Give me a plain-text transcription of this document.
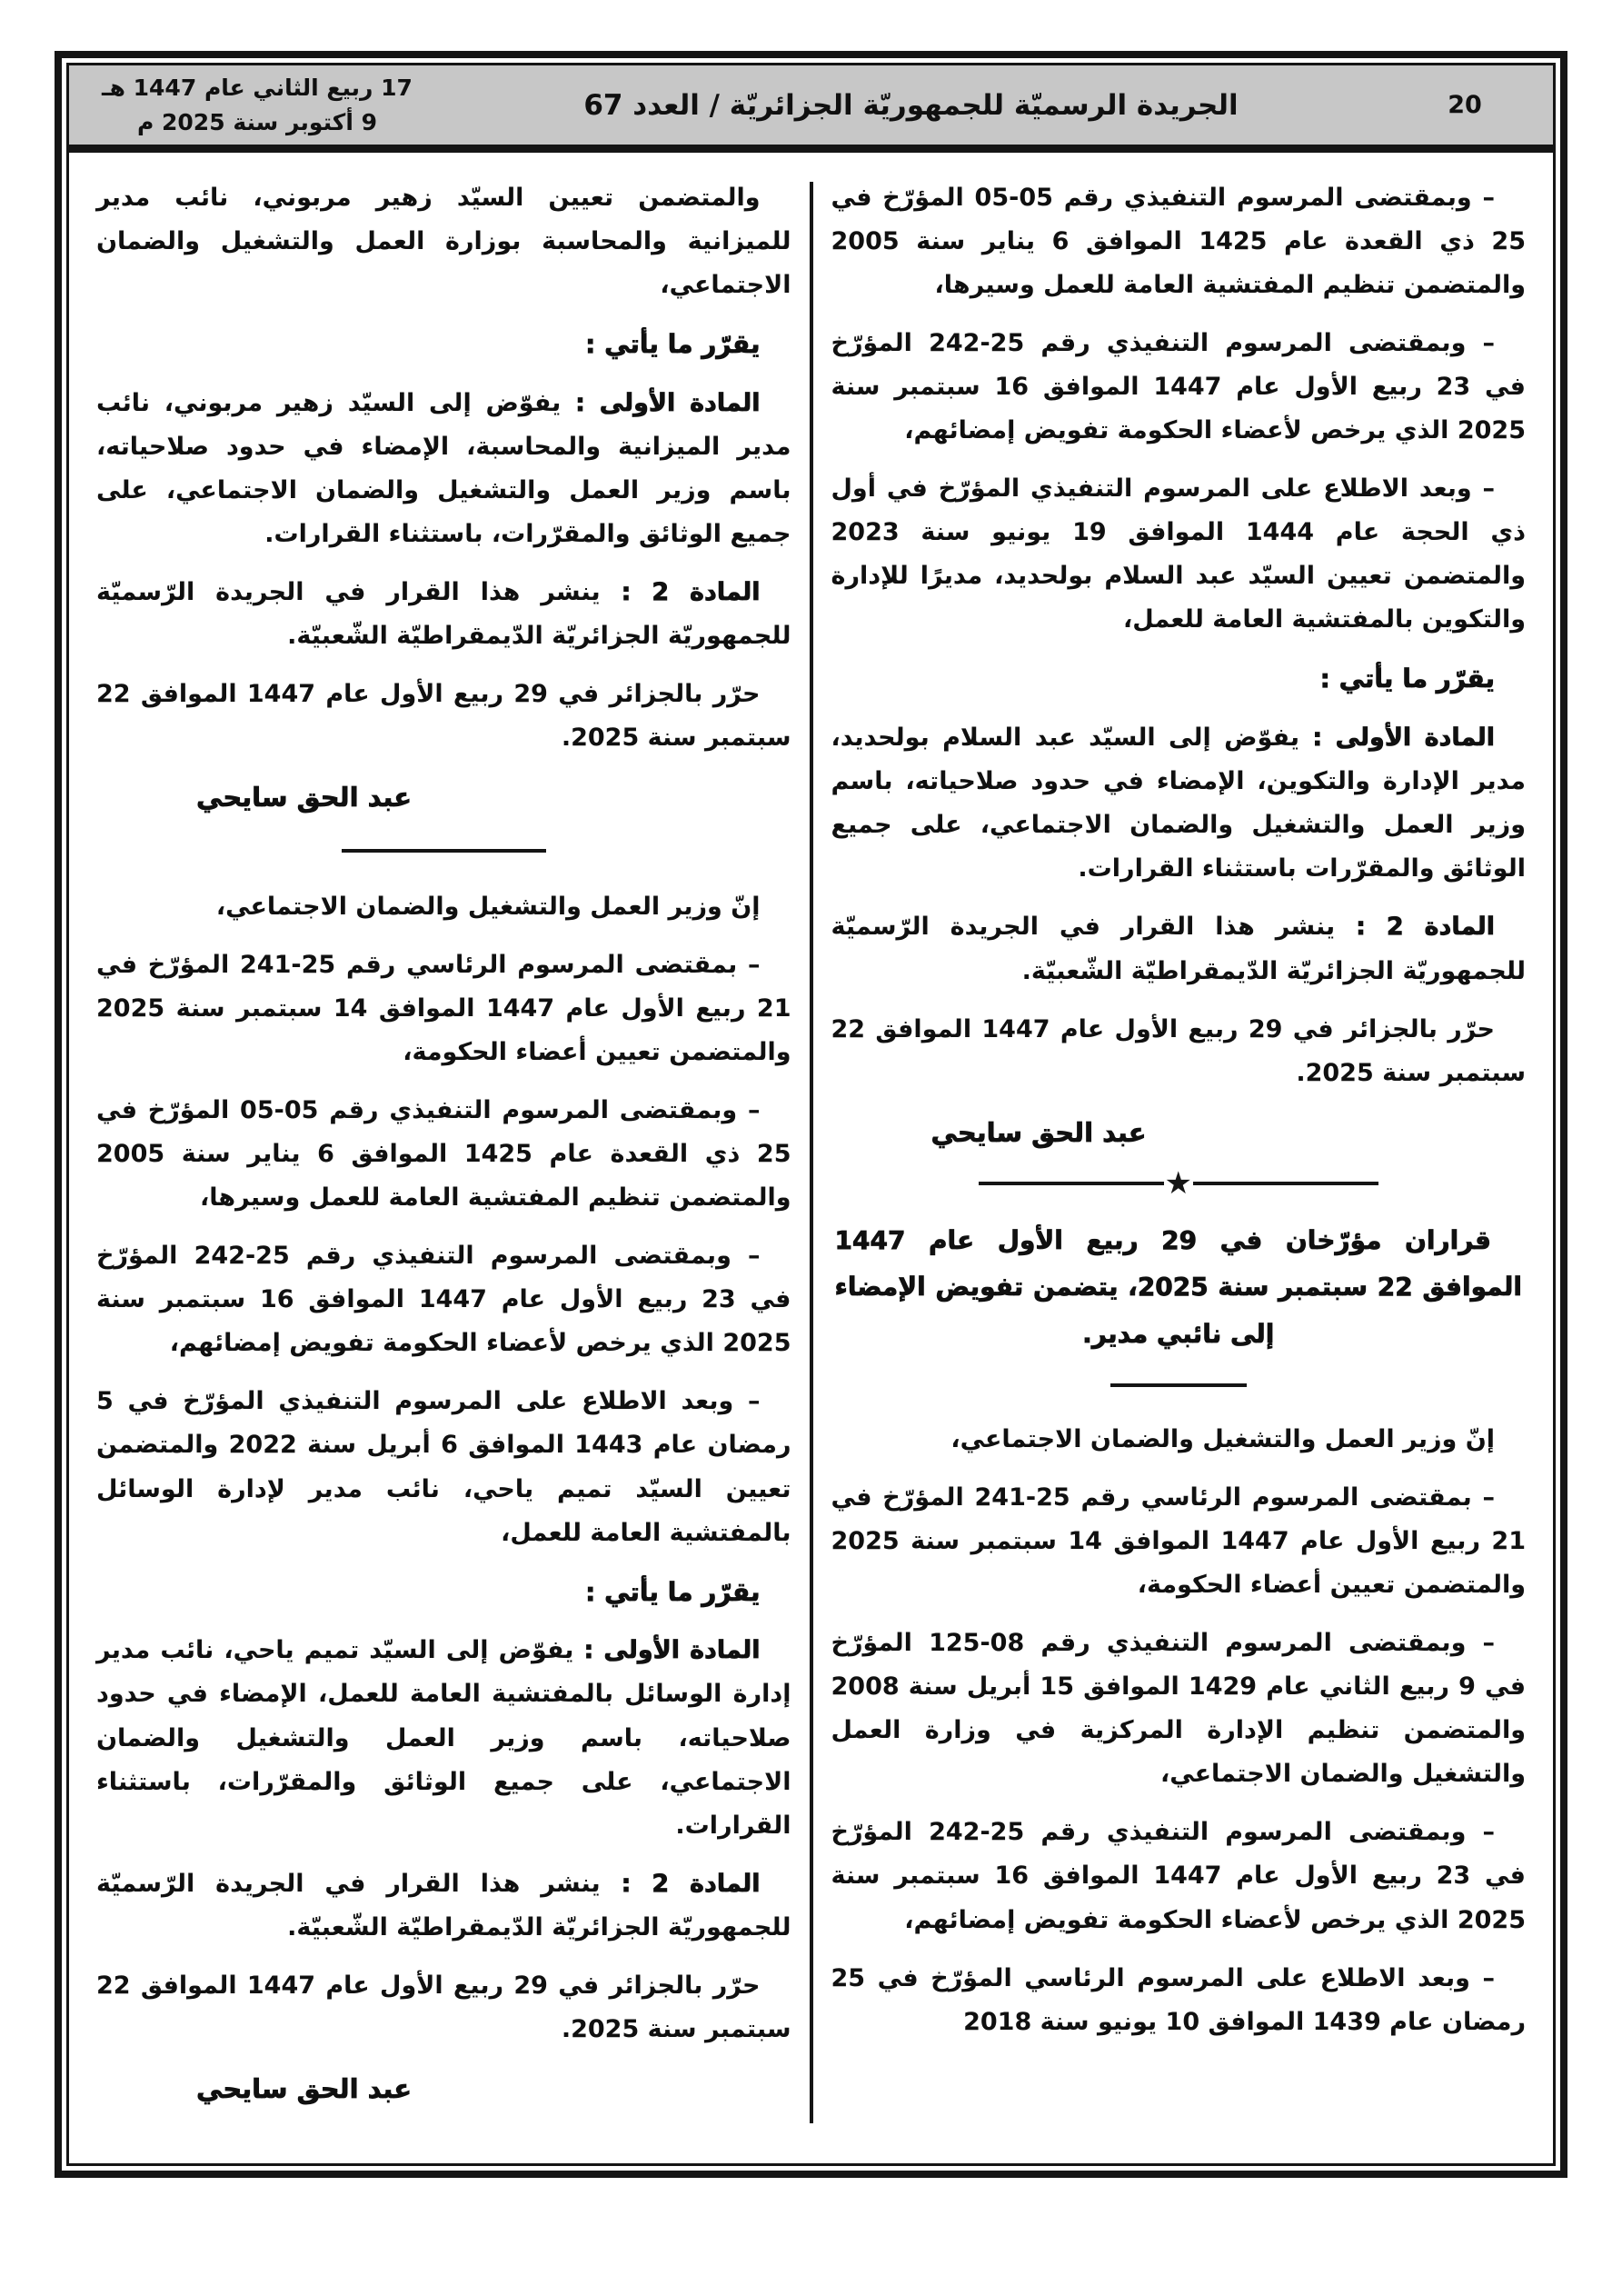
17 ربيع الثاني عام 1447 هـ
9 أكتوبر سنة 2025 م
الجريدة الرسميّة للجمهوريّة الجزائريّة / العدد 67	20

– وبمقتضى المرسوم التنفيذي رقم 05-05 المؤرّخ في 25 ذي القعدة عام 1425 الموافق 6 يناير سنة 2005 والمتضمن تنظيم المفتشية العامة للعمل وسيرها،

– وبمقتضى المرسوم التنفيذي رقم 25-242 المؤرّخ في 23 ربيع الأول عام 1447 الموافق 16 سبتمبر سنة 2025 الذي يرخص لأعضاء الحكومة تفويض إمضائهم،

– وبعد الاطلاع على المرسوم التنفيذي المؤرّخ في أول ذي الحجة عام 1444 الموافق 19 يونيو سنة 2023 والمتضمن تعيين السيّد عبد السلام بولحديد، مديرًا للإدارة والتكوين بالمفتشية العامة للعمل،

يقرّر ما يأتي :

المادة الأولى : يفوّض إلى السيّد عبد السلام بولحديد، مدير الإدارة والتكوين، الإمضاء في حدود صلاحياته، باسم وزير العمل والتشغيل والضمان الاجتماعي، على جميع الوثائق والمقرّرات باستثناء القرارات.

المادة 2 : ينشر هذا القرار في الجريدة الرّسميّة للجمهوريّة الجزائريّة الدّيمقراطيّة الشّعبيّة.

حرّر بالجزائر في 29 ربيع الأول عام 1447 الموافق 22 سبتمبر سنة 2025.

عبد الحق سايحي

★

قراران مؤرّخان في 29 ربيع الأول عام 1447 الموافق 22 سبتمبر سنة 2025، يتضمن تفويض الإمضاء إلى نائبي مدير.

إنّ وزير العمل والتشغيل والضمان الاجتماعي،

– بمقتضى المرسوم الرئاسي رقم 25-241 المؤرّخ في 21 ربيع الأول عام 1447 الموافق 14 سبتمبر سنة 2025 والمتضمن تعيين أعضاء الحكومة،

– وبمقتضى المرسوم التنفيذي رقم 08-125 المؤرّخ في 9 ربيع الثاني عام 1429 الموافق 15 أبريل سنة 2008 والمتضمن تنظيم الإدارة المركزية في وزارة العمل والتشغيل والضمان الاجتماعي،

– وبمقتضى المرسوم التنفيذي رقم 25-242 المؤرّخ في 23 ربيع الأول عام 1447 الموافق 16 سبتمبر سنة 2025 الذي يرخص لأعضاء الحكومة تفويض إمضائهم،

– وبعد الاطلاع على المرسوم الرئاسي المؤرّخ في 25 رمضان عام 1439 الموافق 10 يونيو سنة 2018

والمتضمن تعيين السيّد زهير مربوني، نائب مدير للميزانية والمحاسبة بوزارة العمل والتشغيل والضمان الاجتماعي،

يقرّر ما يأتي :

المادة الأولى : يفوّض إلى السيّد زهير مربوني، نائب مدير الميزانية والمحاسبة، الإمضاء في حدود صلاحياته، باسم وزير العمل والتشغيل والضمان الاجتماعي، على جميع الوثائق والمقرّرات، باستثناء القرارات.

المادة 2 : ينشر هذا القرار في الجريدة الرّسميّة للجمهوريّة الجزائريّة الدّيمقراطيّة الشّعبيّة.

حرّر بالجزائر في 29 ربيع الأول عام 1447 الموافق 22 سبتمبر سنة 2025.

عبد الحق سايحي

إنّ وزير العمل والتشغيل والضمان الاجتماعي،

– بمقتضى المرسوم الرئاسي رقم 25-241 المؤرّخ في 21 ربيع الأول عام 1447 الموافق 14 سبتمبر سنة 2025 والمتضمن تعيين أعضاء الحكومة،

– وبمقتضى المرسوم التنفيذي رقم 05-05 المؤرّخ في 25 ذي القعدة عام 1425 الموافق 6 يناير سنة 2005 والمتضمن تنظيم المفتشية العامة للعمل وسيرها،

– وبمقتضى المرسوم التنفيذي رقم 25-242 المؤرّخ في 23 ربيع الأول عام 1447 الموافق 16 سبتمبر سنة 2025 الذي يرخص لأعضاء الحكومة تفويض إمضائهم،

– وبعد الاطلاع على المرسوم التنفيذي المؤرّخ في 5 رمضان عام 1443 الموافق 6 أبريل سنة 2022 والمتضمن تعيين السيّد تميم ياحي، نائب مدير لإدارة الوسائل بالمفتشية العامة للعمل،

يقرّر ما يأتي :

المادة الأولى : يفوّض إلى السيّد تميم ياحي، نائب مدير إدارة الوسائل بالمفتشية العامة للعمل، الإمضاء في حدود صلاحياته، باسم وزير العمل والتشغيل والضمان الاجتماعي، على جميع الوثائق والمقرّرات، باستثناء القرارات.

المادة 2 : ينشر هذا القرار في الجريدة الرّسميّة للجمهوريّة الجزائريّة الدّيمقراطيّة الشّعبيّة.

حرّر بالجزائر في 29 ربيع الأول عام 1447 الموافق 22 سبتمبر سنة 2025.

عبد الحق سايحي
